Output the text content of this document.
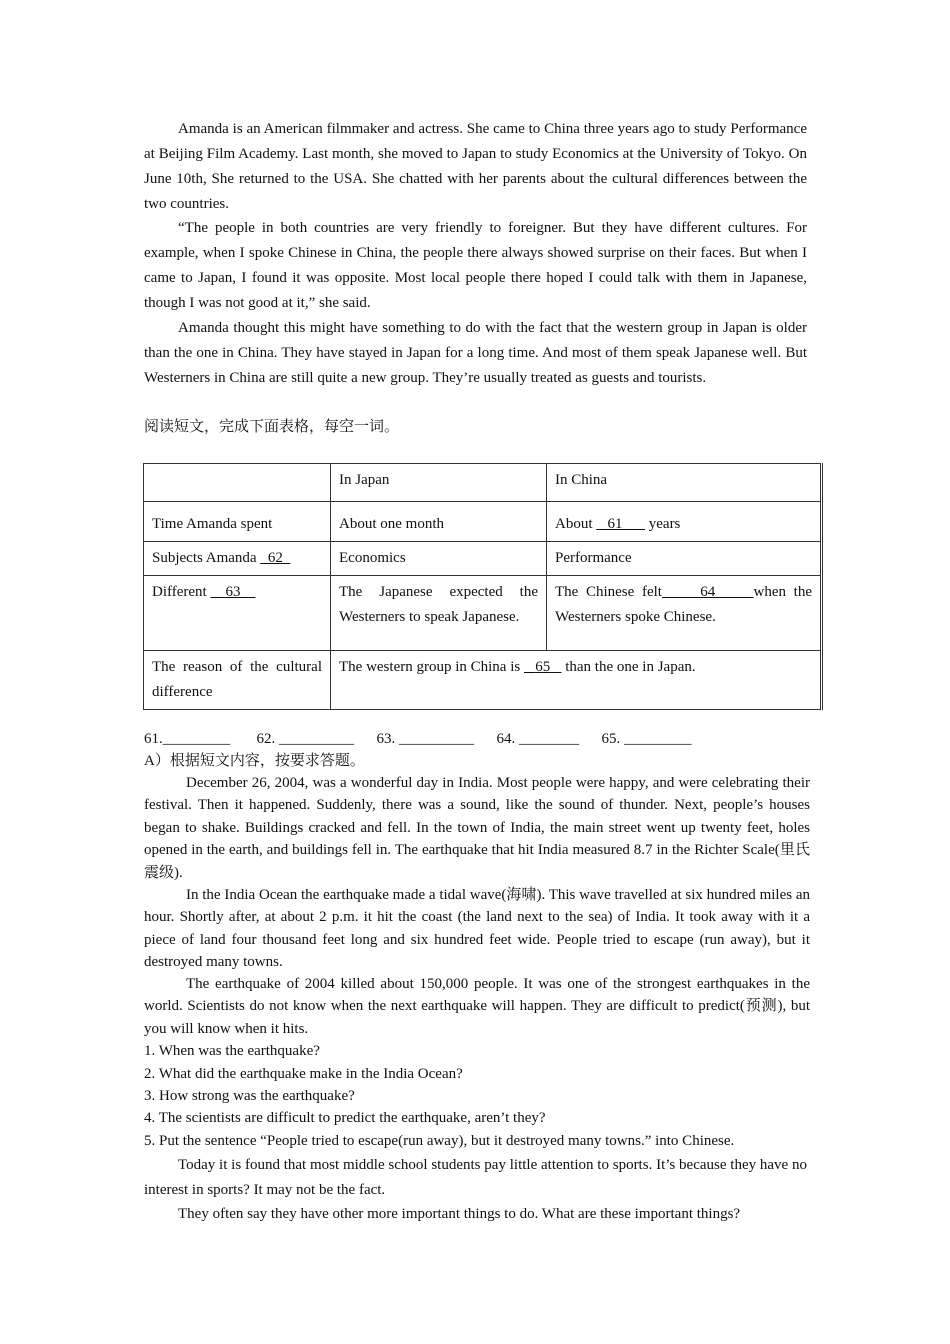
Amanda is an American filmmaker and actress. She came to China three years ago to study Performance at Beijing Film Academy. Last month, she moved to Japan to study Economics at the University of Tokyo. On June 10th, She returned to the USA. She chatted with her parents about the cultural differences between the two countries.

“The people in both countries are very friendly to foreigner. But they have different cultures. For example, when I spoke Chinese in China, the people there always showed surprise on their faces. But when I came to Japan, I found it was opposite. Most local people there hoped I could talk with them in Japanese, though I was not good at it,” she said.

Amanda thought this might have something to do with the fact that the western group in Japan is older than the one in China. They have stayed in Japan for a long time. And most of them speak Japanese well. But Westerners in China are still quite a new group. They’re usually treated as guests and tourists.

阅读短文，完成下面表格，每空一词。

	In Japan	In China
Time Amanda spent	About one month	About 61 years
Subjects Amanda 62	Economics	Performance
Different 63	The Japanese expected the Westerners to speak Japanese.	The Chinese felt 64 when the Westerners spoke Chinese.
The reason of the cultural difference	The western group in China is 65 than the one in Japan.	
61._________ 62. __________ 63. __________ 64. ________ 65. _________

A）根据短文内容，按要求答题。

December 26, 2004, was a wonderful day in India. Most people were happy, and were celebrating their festival. Then it happened. Suddenly, there was a sound, like the sound of thunder. Next, people’s houses began to shake. Buildings cracked and fell. In the town of India, the main street went up twenty feet, holes opened in the earth, and buildings fell in. The earthquake that hit India measured 8.7 in the Richter Scale(里氏震级).

In the India Ocean the earthquake made a tidal wave(海啸). This wave travelled at six hundred miles an hour. Shortly after, at about 2 p.m. it hit the coast (the land next to the sea) of India. It took away with it a piece of land four thousand feet long and six hundred feet wide. People tried to escape (run away), but it destroyed many towns.

The earthquake of 2004 killed about 150,000 people. It was one of the strongest earthquakes in the world. Scientists do not know when the next earthquake will happen. They are difficult to predict(预测), but you will know when it hits.

1. When was the earthquake?

2. What did the earthquake make in the India Ocean?

3. How strong was the earthquake?

4. The scientists are difficult to predict the earthquake, aren’t they?

5. Put the sentence “People tried to escape(run away), but it destroyed many towns.” into Chinese.

Today it is found that most middle school students pay little attention to sports. It’s because they have no interest in sports? It may not be the fact.

They often say they have other more important things to do. What are these important things?
